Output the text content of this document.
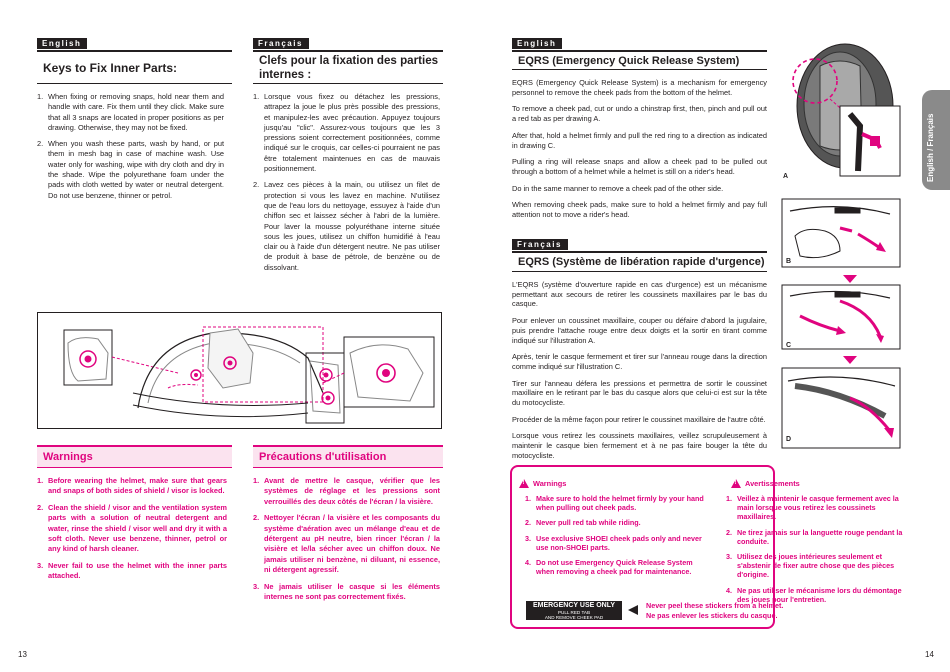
English
Keys to Fix Inner Parts:
1. When fixing or removing snaps, hold near them and handle with care. Fix them until they click. Make sure that all 3 snaps are located in proper positions as per drawing. Otherwise, they may not be fixed.
2. When you wash these parts, wash by hand, or put them in mesh bag in case of machine wash. Use water only for washing, wipe with dry cloth and dry in the shade. Wipe the polyurethane foam under the pads with cloth wetted by water or neutral detergent. Do not use benzene, thinner or petrol.
Français
Clefs pour la fixation des parties internes :
1. Lorsque vous fixez ou détachez les pressions, attrapez la joue le plus près possible des pressions, et manipulez-les avec précaution. Appuyez toujours jusqu'au "clic". Assurez-vous toujours que les 3 pressions soient correctement positionnées, comme indiqué sur le croquis, car celles-ci pourraient ne pas être totalement maintenues en cas de mauvais positionnement.
2. Lavez ces pièces à la main, ou utilisez un filet de protection si vous les lavez en machine. N'utilisez que de l'eau lors du nettoyage, essuyez à l'aide d'un chiffon sec et laissez sécher à l'abri de la lumière. Pour laver la mousse polyuréthane interne située sous les joues, utilisez un chiffon humidifié à l'eau clair ou à l'aide d'un détergent neutre. Ne pas utiliser de produit à base de pétrole, de benzène ou de dissolvant.
Warnings
1. Before wearing the helmet, make sure that gears and snaps of both sides of shield / visor is locked.
2. Clean the shield / visor and the ventilation system parts with a solution of neutral detergent and water, rinse the shield / visor well and dry it with a soft cloth. Never use benzene, thinner, petrol or any kind of harsh cleaner.
3. Never fail to use the helmet with the inner parts attached.
Précautions d'utilisation
1. Avant de mettre le casque, vérifier que les systèmes de réglage et les pressions sont verrouillés des deux côtés de l'écran / la visière.
2. Nettoyer l'écran / la visière et les composants du système d'aération avec un mélange d'eau et de détergent au pH neutre, bien rincer l'écran / la visière et le/la sécher avec un chiffon doux. Ne jamais utiliser ni benzène, ni diluant, ni essence, ni détergent agressif.
3. Ne jamais utiliser le casque si les éléments internes ne sont pas correctement fixés.
13
English
EQRS (Emergency Quick Release System)
EQRS (Emergency Quick Release System) is a mechanism for emergency personnel to remove the cheek pads from the bottom of the helmet.
To remove a cheek pad, cut or undo a chinstrap first, then, pinch and pull out a red tab as per drawing A.
After that, hold a helmet firmly and pull the red ring to a direction as indicated in drawing C.
Pulling a ring will release snaps and allow a cheek pad to be pulled out through a bottom of a helmet while a helmet is still on a rider's head.
Do in the same manner to remove a cheek pad of the other side.
When removing cheek pads, make sure to hold a helmet firmly and pay full attention not to move a rider's head.
Français
EQRS (Système de libération rapide d'urgence)
L'EQRS (système d'ouverture rapide en cas d'urgence) est un mécanisme permettant aux secours de retirer les coussinets maxillaires par le bas du casque.
Pour enlever un coussinet maxillaire, couper ou défaire d'abord la jugulaire, puis prendre l'attache rouge entre deux doigts et la sortir en tirant comme indiqué sur l'illustration A.
Après, tenir le casque fermement et tirer sur l'anneau rouge dans la direction comme indiqué sur l'illustration C.
Tirer sur l'anneau défera les pressions et permettra de sortir le coussinet maxillaire en le retirant par le bas du casque alors que celui-ci est sur la tête du motocycliste.
Procéder de la même façon pour retirer le coussinet maxillaire de l'autre côté.
Lorsque vous retirez les coussinets maxillaires, veillez scrupuleusement à maintenir le casque bien fermement et à ne pas faire bouger la tête du motocycliste.
!
Warnings
1. Make sure to hold the helmet firmly by your hand when pulling out cheek pads.
2. Never pull red tab while riding.
3. Use exclusive SHOEI cheek pads only and never use non-SHOEI parts.
4. Do not use Emergency Quick Release System when removing a cheek pad for maintenance.
!
Avertissements
1. Veillez à maintenir le casque fermement avec la main lorsque vous retirez les coussinets maxillaires.
2. Ne tirez jamais sur la languette rouge pendant la conduite.
3. Utilisez des joues intérieures seulement et s'abstenir de fixer autre chose que des pièces d'origine.
4. Ne pas utiliser le mécanisme lors du démontage des joues pour l'entretien.
EMERGENCY USE ONLY
PULL RED TAB
AND REMOVE CHEEK PAD
Never peel these stickers from a helmet.
Ne pas enlever les stickers du casque.
A
B
C
D
English / Français
14
